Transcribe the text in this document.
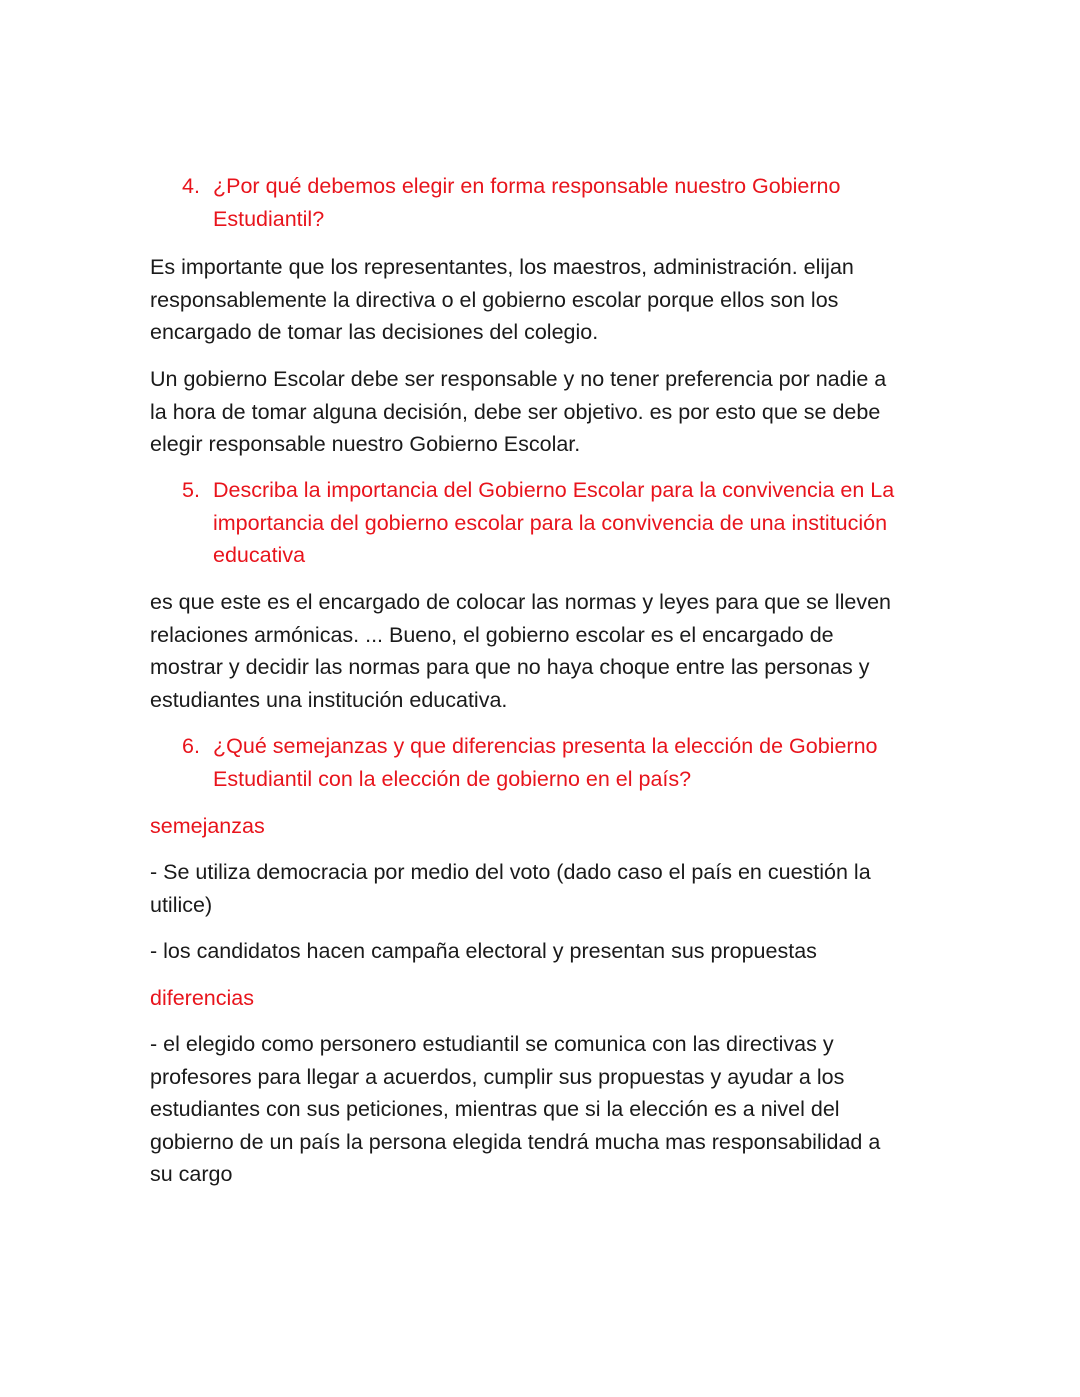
4. ¿Por qué debemos elegir en forma responsable nuestro Gobierno
Estudiantil?
Es importante que los representantes, los maestros, administración. elijan
responsablemente la directiva o el gobierno escolar porque ellos son los
encargado de tomar las decisiones del colegio.
Un gobierno Escolar debe ser responsable y no tener preferencia por nadie a
la hora de tomar alguna decisión, debe ser objetivo. es por esto que se debe
elegir responsable nuestro Gobierno Escolar.
5. Describa la importancia del Gobierno Escolar para la convivencia en La
importancia del gobierno escolar para la convivencia de una institución
educativa
es que este es el encargado de colocar las normas y leyes para que se lleven
relaciones armónicas. ... Bueno, el gobierno escolar es el encargado de
mostrar y decidir las normas para que no haya choque entre las personas y
estudiantes una institución educativa.
6. ¿Qué semejanzas y que diferencias presenta la elección de Gobierno
Estudiantil con la elección de gobierno en el país?
semejanzas
- Se utiliza democracia por medio del voto (dado caso el país en cuestión la
utilice)
- los candidatos hacen campaña electoral y presentan sus propuestas
diferencias
- el elegido como personero estudiantil se comunica con las directivas y
profesores para llegar a acuerdos, cumplir sus propuestas y ayudar a los
estudiantes con sus peticiones, mientras que si la elección es a nivel del
gobierno de un país la persona elegida tendrá mucha mas responsabilidad a
su cargo
